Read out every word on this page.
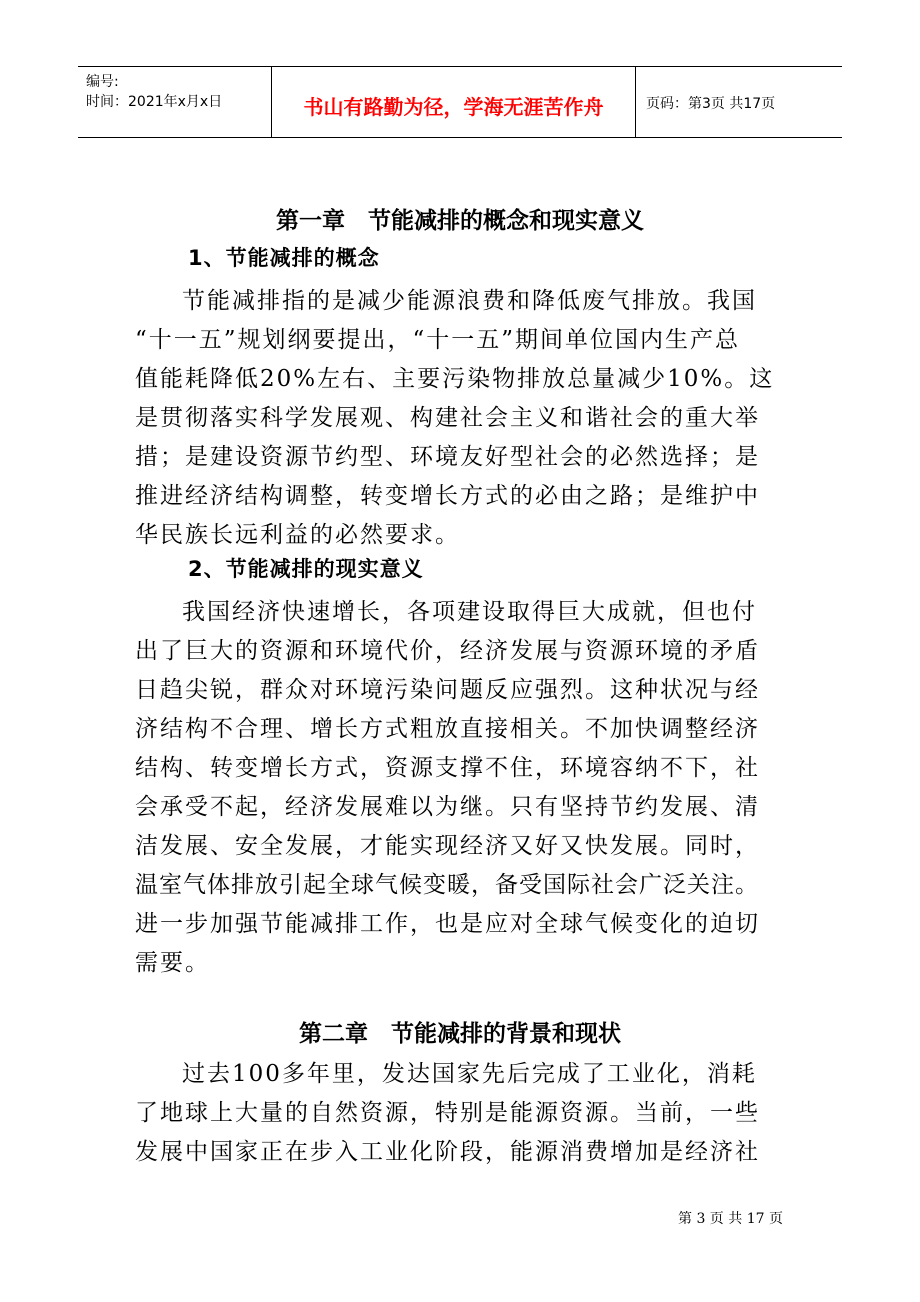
编号:
时间：2021年x月x日	书山有路勤为径，学海无涯苦作舟	页码：第3页 共17页
第一章　节能减排的概念和现实意义
1、节能减排的概念
节能减排指的是减少能源浪费和降低废气排放。我国
“十一五”规划纲要提出，“十一五”期间单位国内生产总
值能耗降低20%左右、主要污染物排放总量减少10%。这
是贯彻落实科学发展观、构建社会主义和谐社会的重大举
措；是建设资源节约型、环境友好型社会的必然选择；是
推进经济结构调整，转变增长方式的必由之路；是维护中
华民族长远利益的必然要求。
2、节能减排的现实意义
我国经济快速增长，各项建设取得巨大成就，但也付
出了巨大的资源和环境代价，经济发展与资源环境的矛盾
日趋尖锐，群众对环境污染问题反应强烈。这种状况与经
济结构不合理、增长方式粗放直接相关。不加快调整经济
结构、转变增长方式，资源支撑不住，环境容纳不下，社
会承受不起，经济发展难以为继。只有坚持节约发展、清
洁发展、安全发展，才能实现经济又好又快发展。同时，
温室气体排放引起全球气候变暖，备受国际社会广泛关注。
进一步加强节能减排工作，也是应对全球气候变化的迫切
需要。
第二章　节能减排的背景和现状
过去100多年里，发达国家先后完成了工业化，消耗
了地球上大量的自然资源，特别是能源资源。当前，一些
发展中国家正在步入工业化阶段，能源消费增加是经济社
第 3 页 共 17 页
